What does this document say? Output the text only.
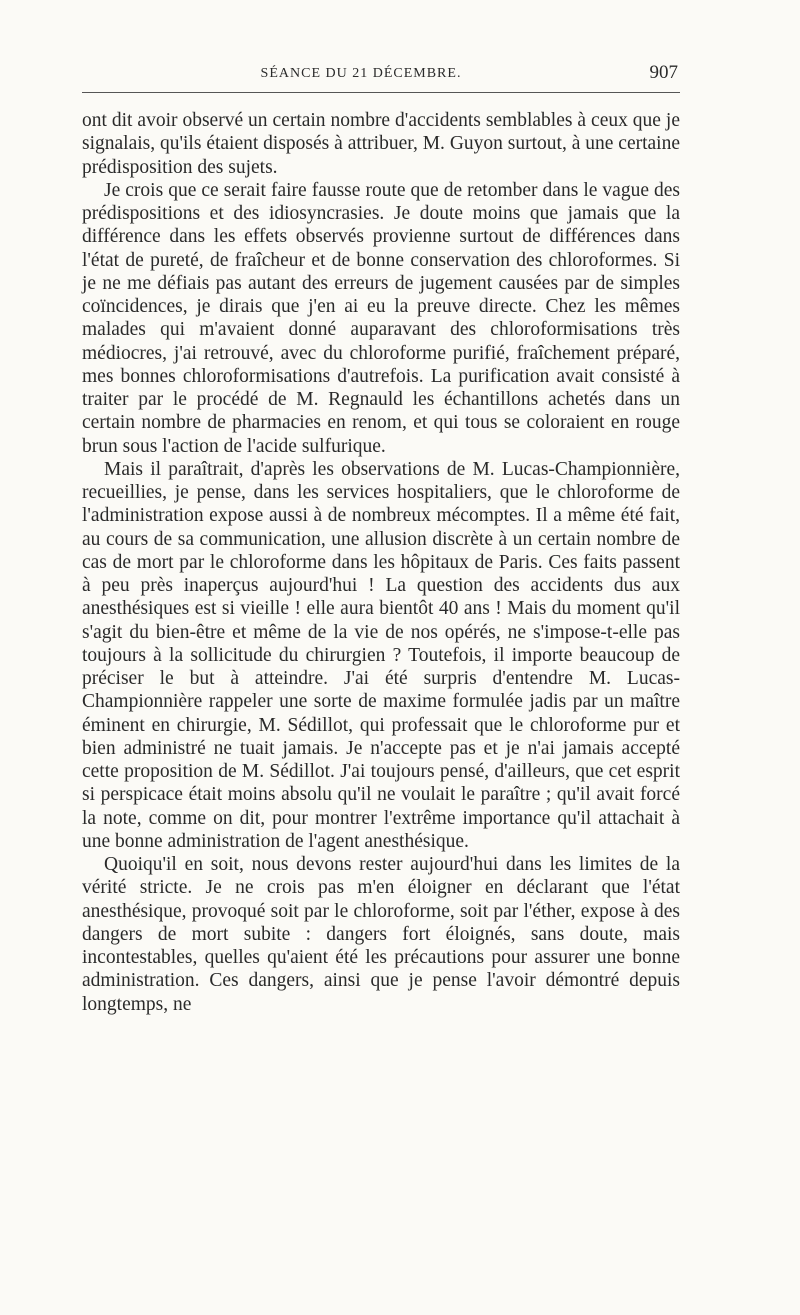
SÉANCE DU 21 DÉCEMBRE.	907

ont dit avoir observé un certain nombre d'accidents semblables à ceux que je signalais, qu'ils étaient disposés à attribuer, M. Guyon surtout, à une certaine prédisposition des sujets.

Je crois que ce serait faire fausse route que de retomber dans le vague des prédispositions et des idiosyncrasies. Je doute moins que jamais que la différence dans les effets observés provienne surtout de différences dans l'état de pureté, de fraîcheur et de bonne conservation des chloroformes. Si je ne me défiais pas autant des erreurs de jugement causées par de simples coïncidences, je dirais que j'en ai eu la preuve directe. Chez les mêmes malades qui m'avaient donné auparavant des chloroformisations très médiocres, j'ai retrouvé, avec du chloroforme purifié, fraîchement préparé, mes bonnes chloroformisations d'autrefois. La purification avait consisté à traiter par le procédé de M. Regnauld les échantillons achetés dans un certain nombre de pharmacies en renom, et qui tous se coloraient en rouge brun sous l'action de l'acide sulfurique.

Mais il paraîtrait, d'après les observations de M. Lucas-Championnière, recueillies, je pense, dans les services hospitaliers, que le chloroforme de l'administration expose aussi à de nombreux mécomptes. Il a même été fait, au cours de sa communication, une allusion discrète à un certain nombre de cas de mort par le chloroforme dans les hôpitaux de Paris. Ces faits passent à peu près inaperçus aujourd'hui ! La question des accidents dus aux anesthésiques est si vieille ! elle aura bientôt 40 ans ! Mais du moment qu'il s'agit du bien-être et même de la vie de nos opérés, ne s'impose-t-elle pas toujours à la sollicitude du chirurgien ? Toutefois, il importe beaucoup de préciser le but à atteindre. J'ai été surpris d'entendre M. Lucas-Championnière rappeler une sorte de maxime formulée jadis par un maître éminent en chirurgie, M. Sédillot, qui professait que le chloroforme pur et bien administré ne tuait jamais. Je n'accepte pas et je n'ai jamais accepté cette proposition de M. Sédillot. J'ai toujours pensé, d'ailleurs, que cet esprit si perspicace était moins absolu qu'il ne voulait le paraître ; qu'il avait forcé la note, comme on dit, pour montrer l'extrême importance qu'il attachait à une bonne administration de l'agent anesthésique.

Quoiqu'il en soit, nous devons rester aujourd'hui dans les limites de la vérité stricte. Je ne crois pas m'en éloigner en déclarant que l'état anesthésique, provoqué soit par le chloroforme, soit par l'éther, expose à des dangers de mort subite : dangers fort éloignés, sans doute, mais incontestables, quelles qu'aient été les précautions pour assurer une bonne administration. Ces dangers, ainsi que je pense l'avoir démontré depuis longtemps, ne
